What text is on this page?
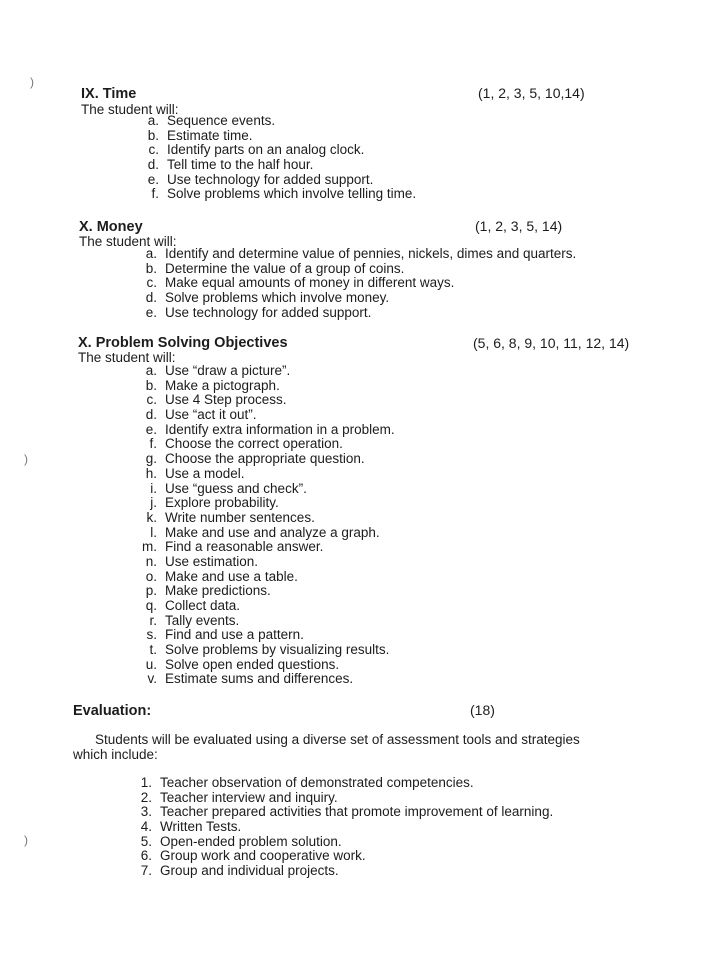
)
)
)
IX. Time	(1, 2, 3, 5, 10,14)
The student will:
a. Sequence events.
b. Estimate time.
c. Identify parts on an analog clock.
d. Tell time to the half hour.
e. Use technology for added support.
f. Solve problems which involve telling time.
X. Money	(1, 2, 3, 5, 14)
The student will:
a. Identify and determine value of pennies, nickels, dimes and quarters.
b. Determine the value of a group of coins.
c. Make equal amounts of money in different ways.
d. Solve problems which involve money.
e. Use technology for added support.
X. Problem Solving Objectives	(5, 6, 8, 9, 10, 11, 12, 14)
The student will:
a. Use “draw a picture”.
b. Make a pictograph.
c. Use 4 Step process.
d. Use “act it out”.
e. Identify extra information in a problem.
f. Choose the correct operation.
g. Choose the appropriate question.
h. Use a model.
i. Use “guess and check”.
j. Explore probability.
k. Write number sentences.
l. Make and use and analyze a graph.
m. Find a reasonable answer.
n. Use estimation.
o. Make and use a table.
p. Make predictions.
q. Collect data.
r. Tally events.
s. Find and use a pattern.
t. Solve problems by visualizing results.
u. Solve open ended questions.
v. Estimate sums and differences.
Evaluation:	(18)
Students will be evaluated using a diverse set of assessment tools and strategies which include:
1. Teacher observation of demonstrated competencies.
2. Teacher interview and inquiry.
3. Teacher prepared activities that promote improvement of learning.
4. Written Tests.
5. Open-ended problem solution.
6. Group work and cooperative work.
7. Group and individual projects.
